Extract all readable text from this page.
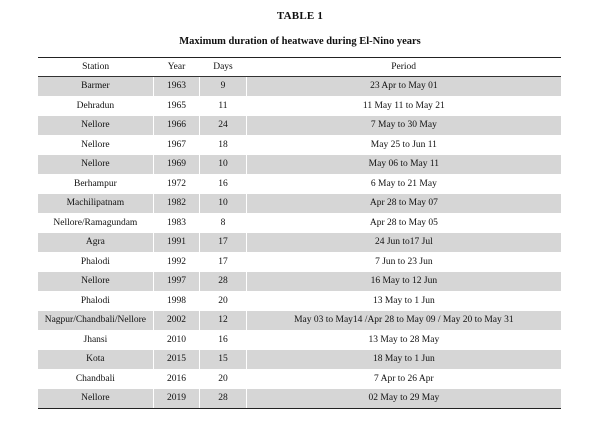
TABLE 1
Maximum duration of heatwave during El-Nino years
Station	Year	Days	Period
Barmer	1963	9	23 Apr to May 01
Dehradun	1965	11	11 May 11 to May 21
Nellore	1966	24	7 May to 30 May
Nellore	1967	18	May 25 to Jun 11
Nellore	1969	10	May 06 to May 11
Berhampur	1972	16	6 May to 21 May
Machilipatnam	1982	10	Apr 28 to May 07
Nellore/Ramagundam	1983	8	Apr 28 to May 05
Agra	1991	17	24 Jun to17 Jul
Phalodi	1992	17	7 Jun to 23 Jun
Nellore	1997	28	16 May to 12 Jun
Phalodi	1998	20	13 May to 1 Jun
Nagpur/Chandbali/Nellore	2002	12	May 03 to May14 /Apr 28 to May 09 / May 20 to May 31
Jhansi	2010	16	13 May to 28 May
Kota	2015	15	18 May to 1 Jun
Chandbali	2016	20	7 Apr to 26 Apr
Nellore	2019	28	02 May to 29 May
